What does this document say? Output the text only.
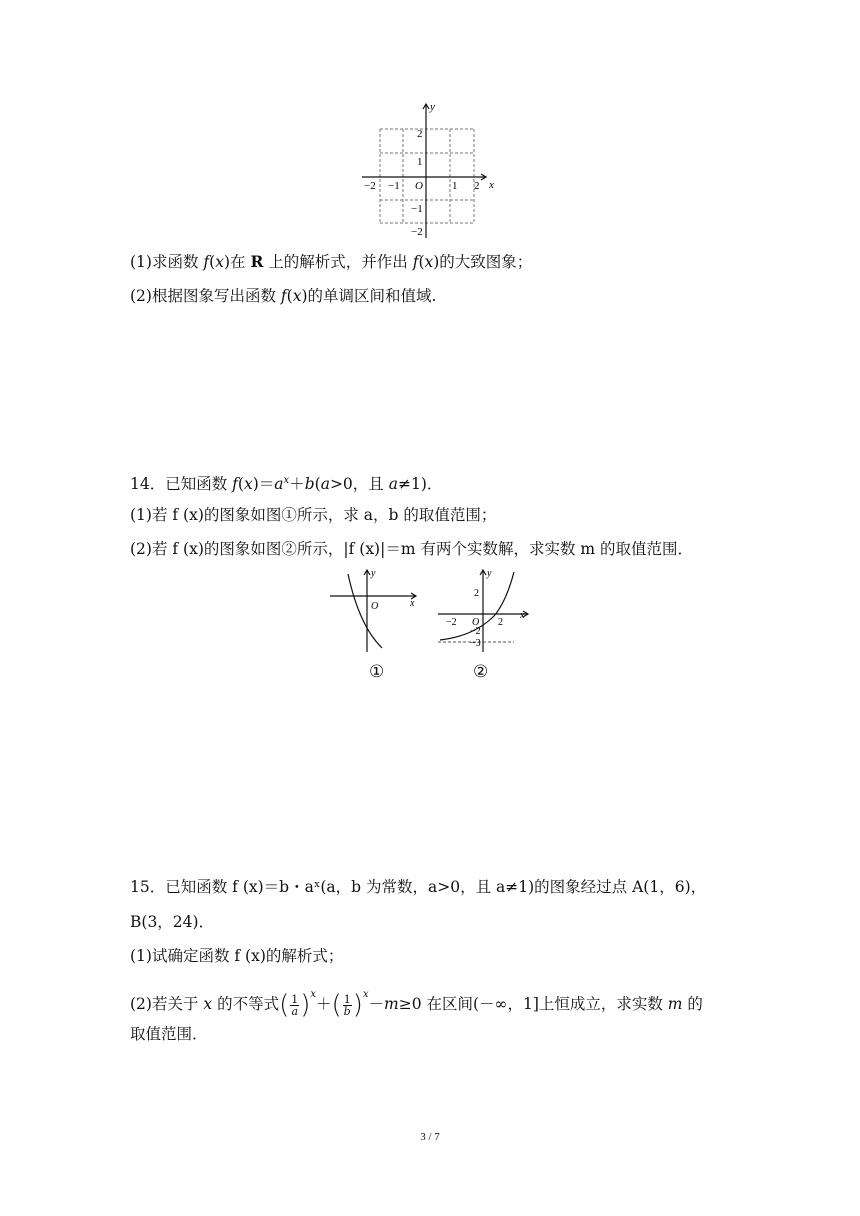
y
x
O
−2 −1	1 2
2
1
−1
−2
(1)求函数 f(x)在 R 上的解析式，并作出 f(x)的大致图象；
(2)根据图象写出函数 f(x)的单调区间和值域.
14．已知函数 $f(x)=a^x+b(a>0$，且 a≠1)．
(1)若 f (x)的图象如图①所示，求 a，b 的取值范围；
(2)若 f (x)的图象如图②所示，|f (x)|＝m 有两个实数解，求实数 m 的取值范围．
y
x
O
y
x
O
−2	2
2
−2
−3
①	②
15．已知函数 f (x)＝b・aˣ(a，b 为常数，a>0，且 a≠1)的图象经过点 A(1，6)，
B(3，24)．
(1)试确定函数 f (x)的解析式；
(2)若关于 x 的不等式( $\frac{1}{a} )^x+( \frac{1}{b} )^x-m\ge 0$ 在区间(－∞，1]上恒成立，求实数 m 的
取值范围．
3 / 7
